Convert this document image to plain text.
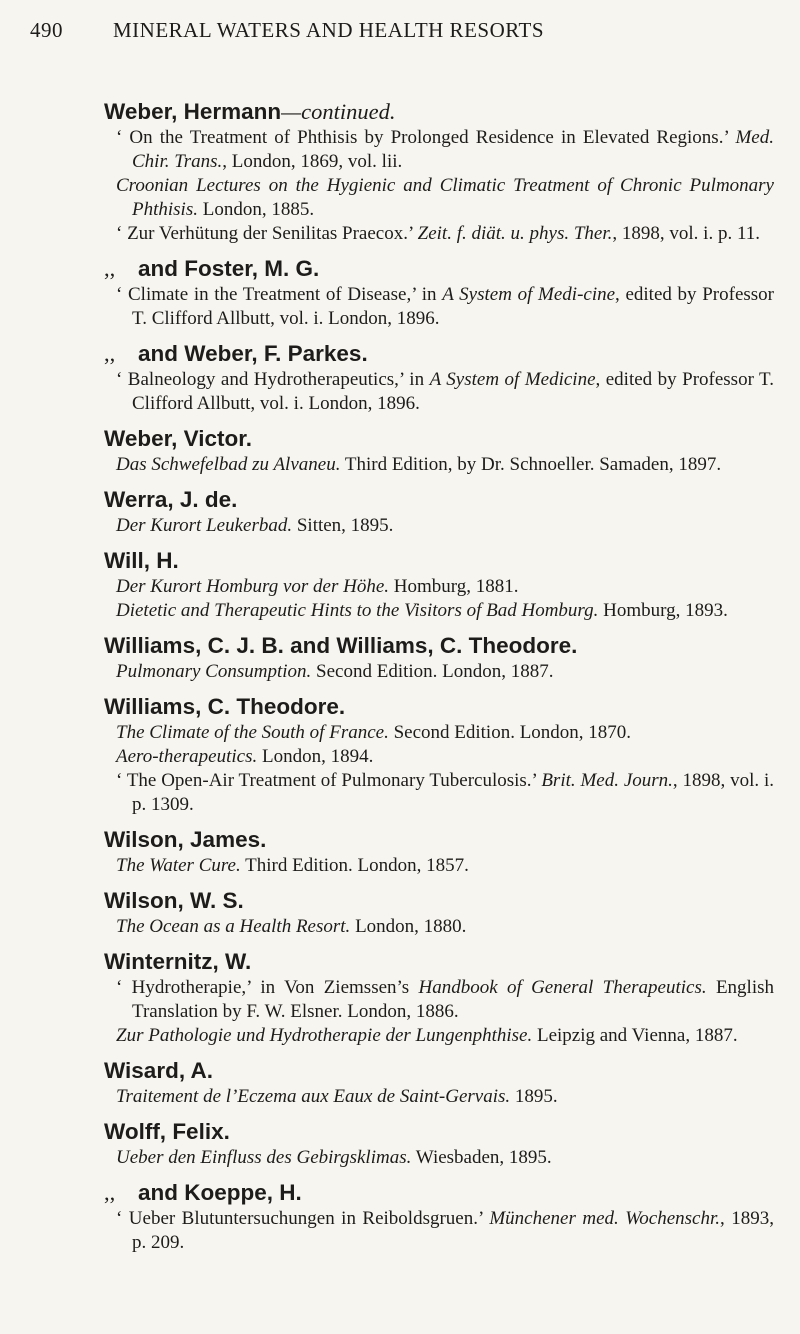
490 MINERAL WATERS AND HEALTH RESORTS
Weber, Hermann—continued.
‘ On the Treatment of Phthisis by Prolonged Residence in Elevated Regions.’ Med. Chir. Trans., London, 1869, vol. lii.
Croonian Lectures on the Hygienic and Climatic Treatment of Chronic Pulmonary Phthisis. London, 1885.
‘ Zur Verhütung der Senilitas Praecox.’ Zeit. f. diät. u. phys. Ther., 1898, vol. i. p. 11.
,, and Foster, M. G.
‘ Climate in the Treatment of Disease,’ in A System of Medi-cine, edited by Professor T. Clifford Allbutt, vol. i. London, 1896.
,, and Weber, F. Parkes.
‘ Balneology and Hydrotherapeutics,’ in A System of Medicine, edited by Professor T. Clifford Allbutt, vol. i. London, 1896.
Weber, Victor.
Das Schwefelbad zu Alvaneu. Third Edition, by Dr. Schnoeller. Samaden, 1897.
Werra, J. de.
Der Kurort Leukerbad. Sitten, 1895.
Will, H.
Der Kurort Homburg vor der Höhe. Homburg, 1881.
Dietetic and Therapeutic Hints to the Visitors of Bad Homburg. Homburg, 1893.
Williams, C. J. B. and Williams, C. Theodore.
Pulmonary Consumption. Second Edition. London, 1887.
Williams, C. Theodore.
The Climate of the South of France. Second Edition. London, 1870.
Aero-therapeutics. London, 1894.
‘ The Open-Air Treatment of Pulmonary Tuberculosis.’ Brit. Med. Journ., 1898, vol. i. p. 1309.
Wilson, James.
The Water Cure. Third Edition. London, 1857.
Wilson, W. S.
The Ocean as a Health Resort. London, 1880.
Winternitz, W.
‘ Hydrotherapie,’ in Von Ziemssen’s Handbook of General Therapeutics. English Translation by F. W. Elsner. London, 1886.
Zur Pathologie und Hydrotherapie der Lungenphthise. Leipzig and Vienna, 1887.
Wisard, A.
Traitement de l’Eczema aux Eaux de Saint-Gervais. 1895.
Wolff, Felix.
Ueber den Einfluss des Gebirgsklimas. Wiesbaden, 1895.
,, and Koeppe, H.
‘ Ueber Blutuntersuchungen in Reiboldsgruen.’ Münchener med. Wochenschr., 1893, p. 209.
